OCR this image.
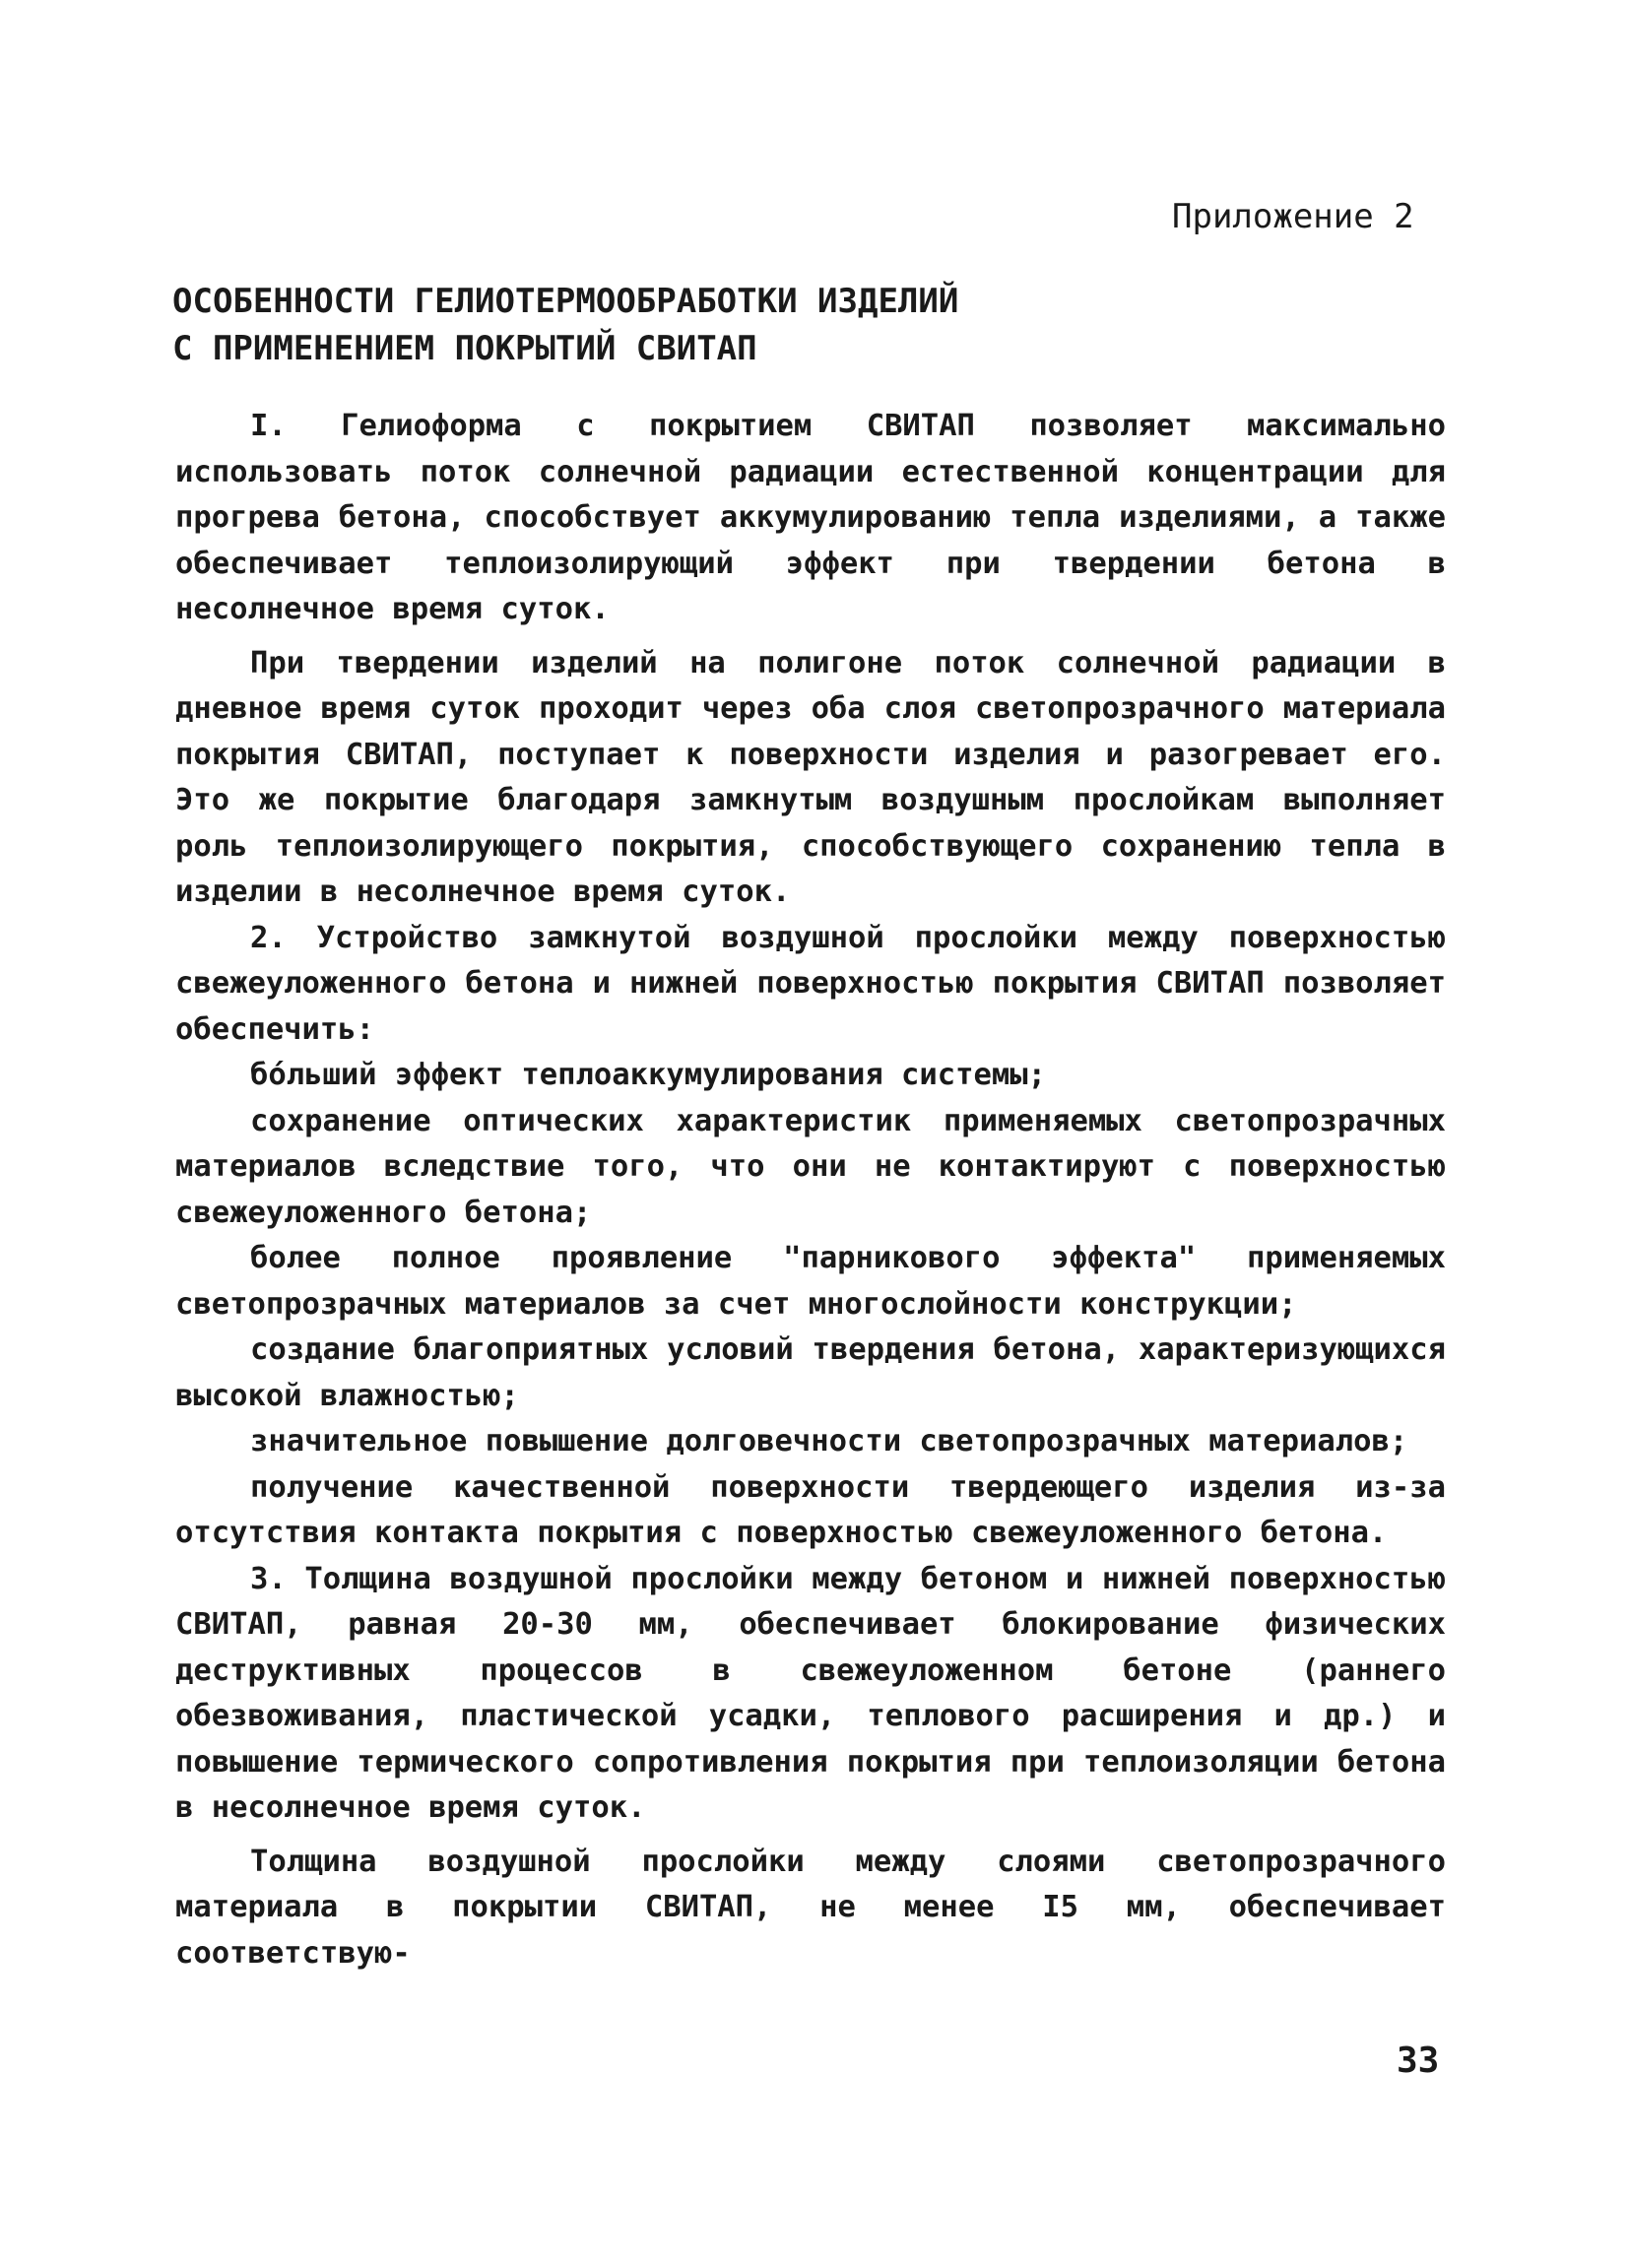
Приложение 2
ОСОБЕННОСТИ ГЕЛИОТЕРМООБРАБОТКИ ИЗДЕЛИЙ
С ПРИМЕНЕНИЕМ ПОКРЫТИЙ СВИТАП

I. Гелиоформа с покрытием СВИТАП позволяет максимально использовать поток солнечной радиации естественной концентрации для прогрева бетона, способствует аккумулированию тепла изделиями, а также обеспечивает теплоизолирующий эффект при твердении бетона в несолнечное время суток.

При твердении изделий на полигоне поток солнечной радиации в дневное время суток проходит через оба слоя светопрозрачного материала покрытия СВИТАП, поступает к поверхности изделия и разогревает его. Это же покрытие благодаря замкнутым воздушным прослойкам выполняет роль теплоизолирующего покрытия, способствующего сохранению тепла в изделии в несолнечное время суток.

2. Устройство замкнутой воздушной прослойки между поверхностью свежеуложенного бетона и нижней поверхностью покрытия СВИТАП позволяет обеспечить:

бо́льший эффект теплоаккумулирования системы;

сохранение оптических характеристик применяемых светопрозрачных материалов вследствие того, что они не контактируют с поверхностью свежеуложенного бетона;

более полное проявление "парникового эффекта" применяемых светопрозрачных материалов за счет многослойности конструкции;

создание благоприятных условий твердения бетона, характеризующихся высокой влажностью;

значительное повышение долговечности светопрозрачных материалов;

получение качественной поверхности твердеющего изделия из-за отсутствия контакта покрытия с поверхностью свежеуложенного бетона.

3. Толщина воздушной прослойки между бетоном и нижней поверхностью СВИТАП, равная 20-30 мм, обеспечивает блокирование физических деструктивных процессов в свежеуложенном бетоне (раннего обезвоживания, пластической усадки, теплового расширения и др.) и повышение термического сопротивления покрытия при теплоизоляции бетона в несолнечное время суток.

Толщина воздушной прослойки между слоями светопрозрачного материала в покрытии СВИТАП, не менее I5 мм, обеспечивает соответствую-

33
